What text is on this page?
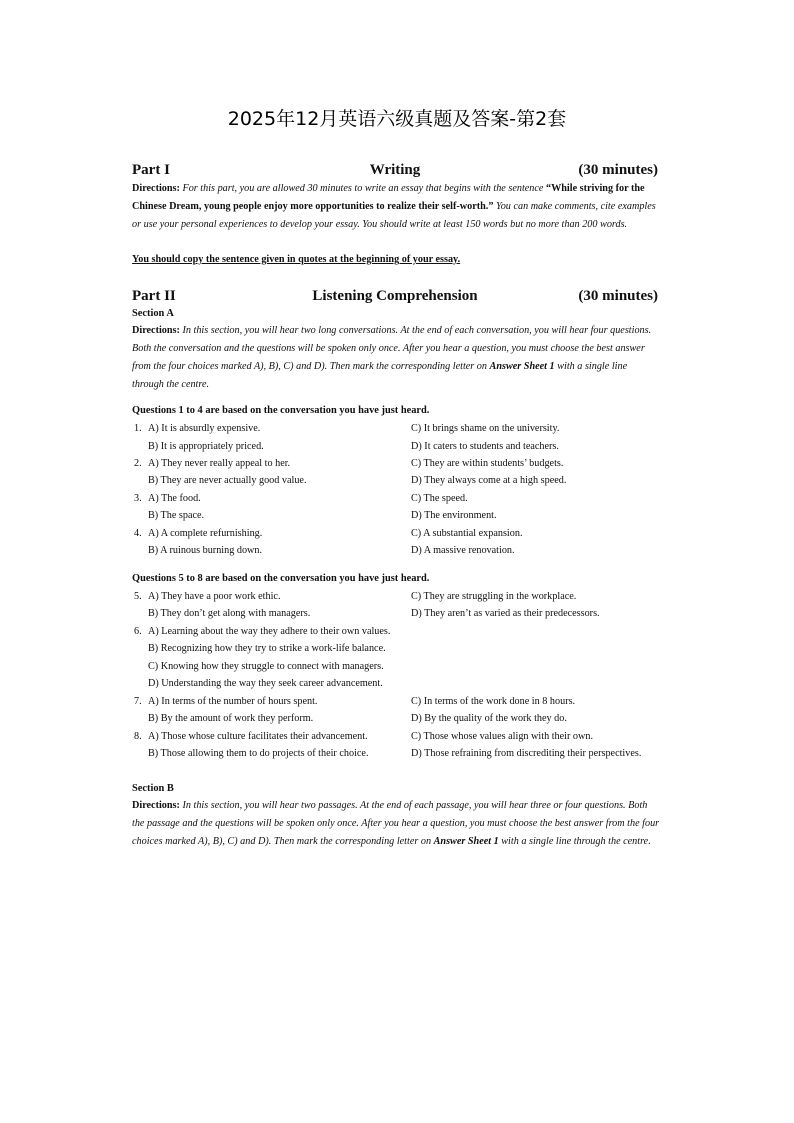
2025年12月英语六级真题及答案-第2套
Part I	Writing	(30 minutes)
Directions: For this part, you are allowed 30 minutes to write an essay that begins with the sentence “While striving for the Chinese Dream, young people enjoy more opportunities to realize their self-worth.” You can make comments, cite examples or use your personal experiences to develop your essay. You should write at least 150 words but no more than 200 words.
You should copy the sentence given in quotes at the beginning of your essay.
Part II	Listening Comprehension	(30 minutes)
Section A
Directions: In this section, you will hear two long conversations. At the end of each conversation, you will hear four questions. Both the conversation and the questions will be spoken only once. After you hear a question, you must choose the best answer from the four choices marked A), B), C) and D). Then mark the corresponding letter on Answer Sheet 1 with a single line through the centre.
Questions 1 to 4 are based on the conversation you have just heard.
1. A) It is absurdly expensive.	C) It brings shame on the university.
B) It is appropriately priced.	D) It caters to students and teachers.
2. A) They never really appeal to her.	C) They are within students’ budgets.
B) They are never actually good value.	D) They always come at a high speed.
3. A) The food.	C) The speed.
B) The space.	D) The environment.
4. A) A complete refurnishing.	C) A substantial expansion.
B) A ruinous burning down.	D) A massive renovation.
Questions 5 to 8 are based on the conversation you have just heard.
5. A) They have a poor work ethic.	C) They are struggling in the workplace.
B) They don’t get along with managers.	D) They aren’t as varied as their predecessors.
6. A) Learning about the way they adhere to their own values.
B) Recognizing how they try to strike a work-life balance.
C) Knowing how they struggle to connect with managers.
D) Understanding the way they seek career advancement.
7. A) In terms of the number of hours spent.	C) In terms of the work done in 8 hours.
B) By the amount of work they perform.	D) By the quality of the work they do.
8. A) Those whose culture facilitates their advancement.	C) Those whose values align with their own.
B) Those allowing them to do projects of their choice.	D) Those refraining from discrediting their perspectives.
Section B
Directions: In this section, you will hear two passages. At the end of each passage, you will hear three or four questions. Both the passage and the questions will be spoken only once. After you hear a question, you must choose the best answer from the four choices marked A), B), C) and D). Then mark the corresponding letter on Answer Sheet 1 with a single line through the centre.
